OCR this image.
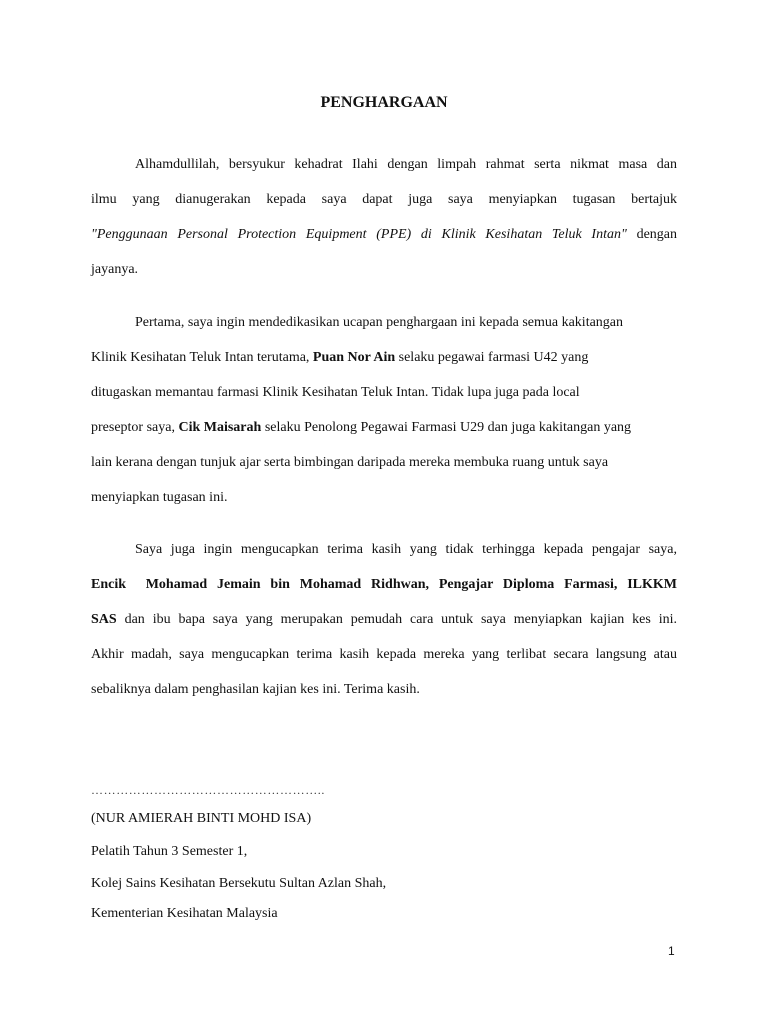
PENGHARGAAN
Alhamdullilah, bersyukur kehadrat Ilahi dengan limpah rahmat serta nikmat masa dan
ilmu yang dianugerakan kepada saya dapat juga saya menyiapkan tugasan bertajuk
"Penggunaan Personal Protection Equipment (PPE) di Klinik Kesihatan Teluk Intan" dengan
jayanya.
Pertama, saya ingin mendedikasikan ucapan penghargaan ini kepada semua kakitangan
Klinik Kesihatan Teluk Intan terutama, Puan Nor Ain selaku pegawai farmasi U42 yang
ditugaskan memantau farmasi Klinik Kesihatan Teluk Intan. Tidak lupa juga pada local
preseptor saya, Cik Maisarah selaku Penolong Pegawai Farmasi U29 dan juga kakitangan yang
lain kerana dengan tunjuk ajar serta bimbingan daripada mereka membuka ruang untuk saya
menyiapkan tugasan ini.
Saya juga ingin mengucapkan terima kasih yang tidak terhingga kepada pengajar saya,
Encik  Mohamad Jemain bin Mohamad Ridhwan, Pengajar Diploma Farmasi, ILKKM
SAS dan ibu bapa saya yang merupakan pemudah cara untuk saya menyiapkan kajian kes ini.
Akhir madah, saya mengucapkan terima kasih kepada mereka yang terlibat secara langsung atau
sebaliknya dalam penghasilan kajian kes ini. Terima kasih.
………………………………………………..
(NUR AMIERAH BINTI MOHD ISA)
Pelatih Tahun 3 Semester 1,
Kolej Sains Kesihatan Bersekutu Sultan Azlan Shah,
Kementerian Kesihatan Malaysia
1
